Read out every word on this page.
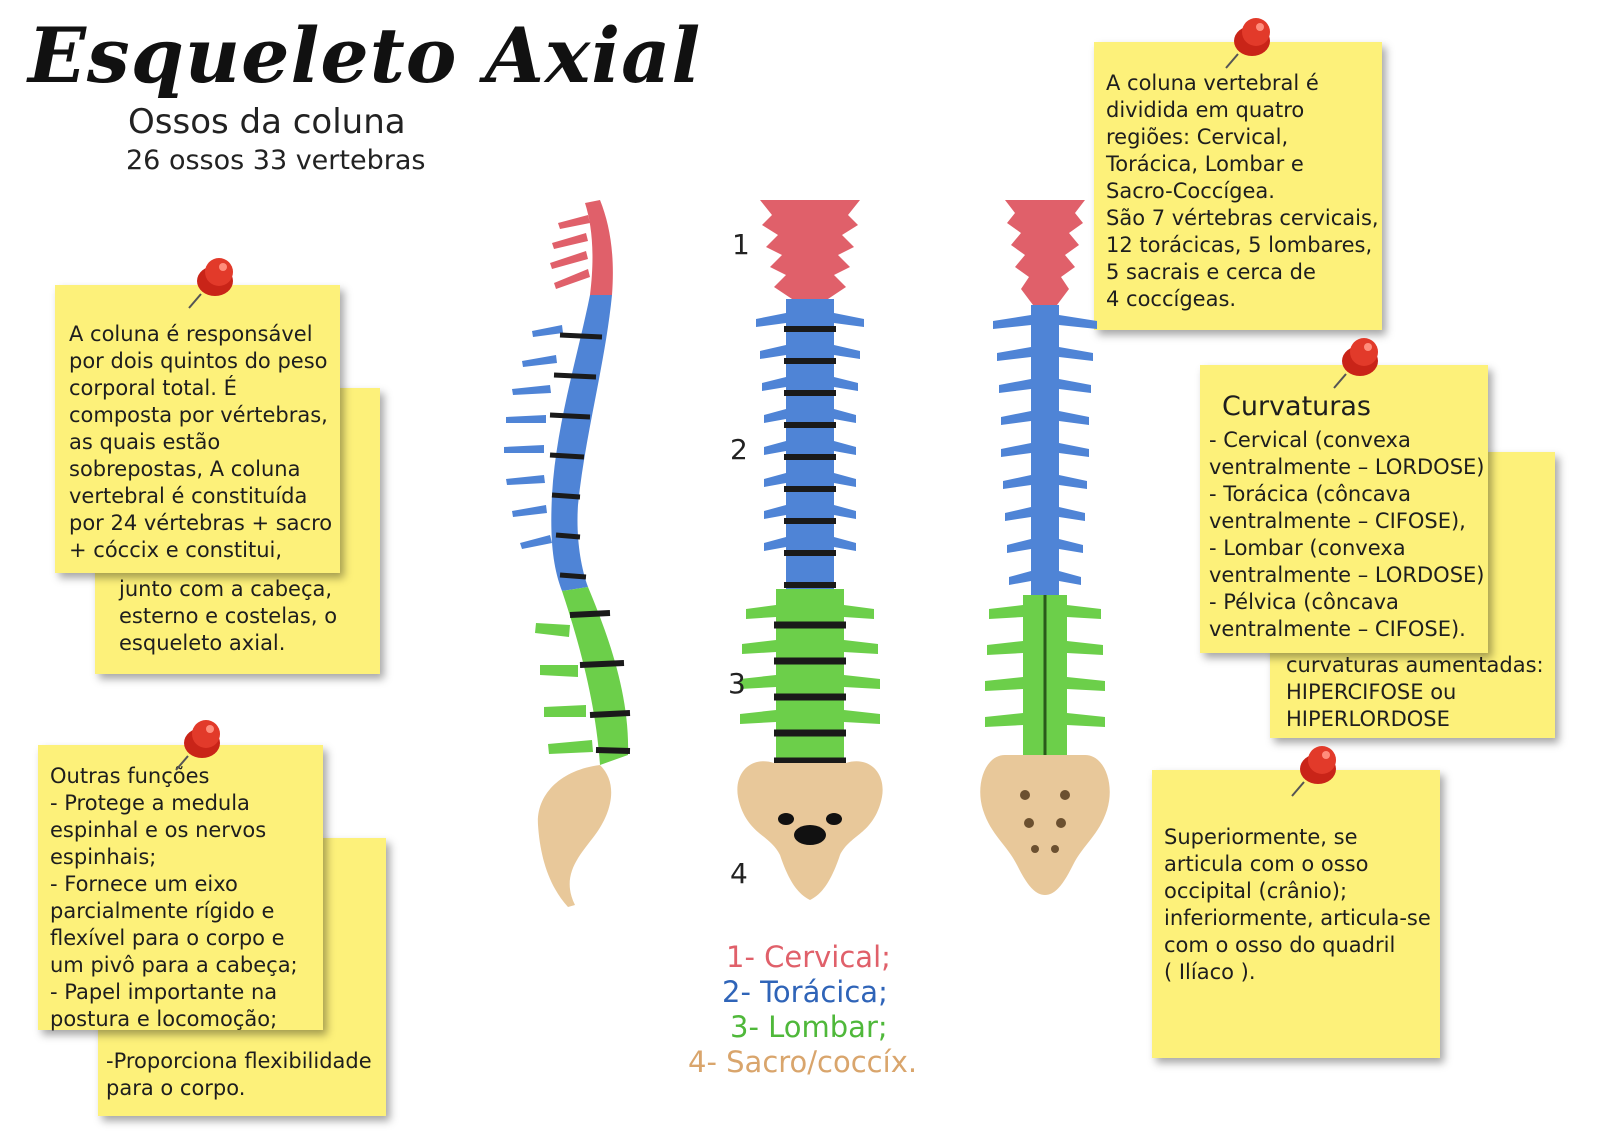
Esqueleto Axial
Ossos da coluna
26 ossos 33 vertebras
junto com a cabeça,
esterno e costelas, o
esqueleto axial.
A coluna é responsável
por dois quintos do peso
corporal total. É
composta por vértebras,
as quais estão
sobrepostas, A coluna
vertebral é constituída
por 24 vértebras + sacro
+ cóccix e constitui,
-Proporciona flexibilidade
para o corpo.
Outras funções
- Protege a medula
espinhal e os nervos
espinhais;
- Fornece um eixo
parcialmente rígido e
flexível para o corpo e
um pivô para a cabeça;
- Papel importante na
postura e locomoção;
A coluna vertebral é
dividida em quatro
regiões: Cervical,
Torácica, Lombar e
Sacro-Coccígea.
São 7 vértebras cervicais,
12 torácicas, 5 lombares,
5 sacrais e cerca de
4 coccígeas.
curvaturas aumentadas:
HIPERCIFOSE ou
HIPERLORDOSE
Curvaturas
- Cervical (convexa
ventralmente – LORDOSE)
- Torácica (côncava
ventralmente – CIFOSE),
- Lombar (convexa
ventralmente – LORDOSE)
- Pélvica (côncava
ventralmente – CIFOSE).
Superiormente, se
articula com o osso
occipital (crânio);
inferiormente, articula-se
com o osso do quadril
( Ilíaco ).
1
2
3
4
1- Cervical;
2- Torácica;
3- Lombar;
4- Sacro/coccíx.
